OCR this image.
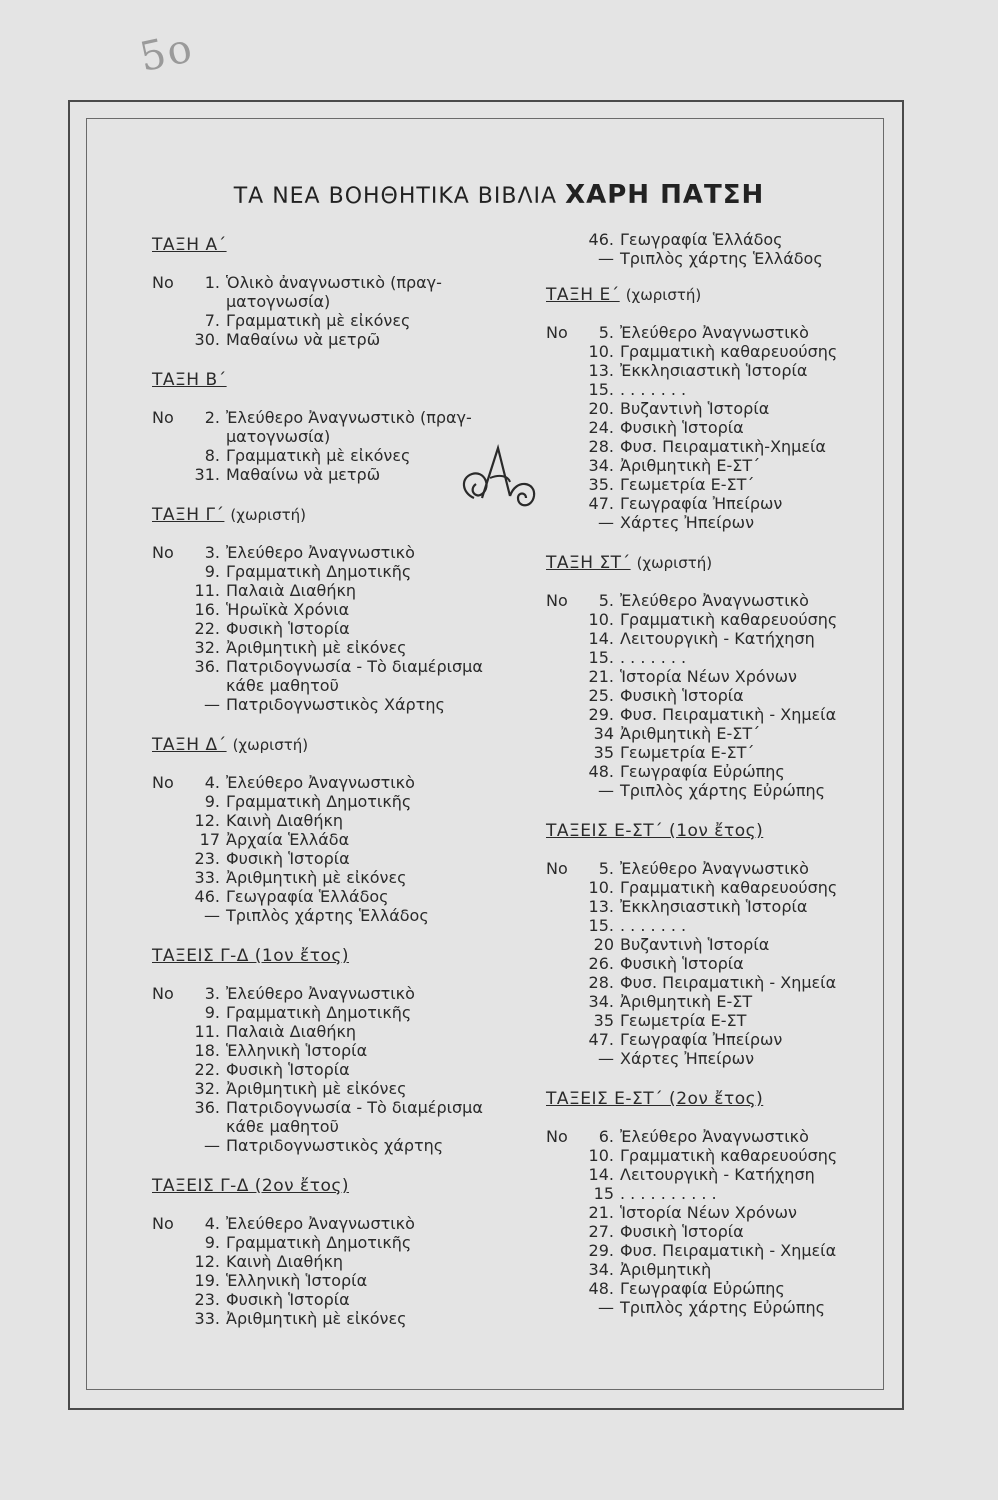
5ο
ΤΑ ΝΕΑ ΒΟΗΘΗΤΙΚΑ ΒΙΒΛΙΑ ΧΑΡΗ ΠΑΤΣΗ
ΤΑΞΗ Α΄
Νο	1. Ὁλικὸ ἀναγνωστικὸ (πραγ-
ματογνωσία)
7. Γραμματικὴ μὲ εἰκόνες
30. Μαθαίνω νὰ μετρῶ
ΤΑΞΗ Β΄
Νο	2. Ἐλεύθερο Ἀναγνωστικὸ (πραγ-
ματογνωσία)
8. Γραμματικὴ μὲ εἰκόνες
31. Μαθαίνω νὰ μετρῶ
ΤΑΞΗ Γ΄ (χωριστή)
Νο	3. Ἐλεύθερο Ἀναγνωστικὸ
9. Γραμματικὴ Δημοτικῆς
11. Παλαιὰ Διαθήκη
16. Ἡρωϊκὰ Χρόνια
22. Φυσικὴ Ἱστορία
32. Ἀριθμητικὴ μὲ εἰκόνες
36. Πατριδογνωσία - Τὸ διαμέρισμα
κάθε μαθητοῦ
— Πατριδογνωστικὸς Χάρτης
ΤΑΞΗ Δ΄ (χωριστή)
Νο	4. Ἐλεύθερο Ἀναγνωστικὸ
9. Γραμματικὴ Δημοτικῆς
12. Καινὴ Διαθήκη
17 Ἀρχαία Ἑλλάδα
23. Φυσικὴ Ἱστορία
33. Ἀριθμητικὴ μὲ εἰκόνες
46. Γεωγραφία Ἑλλάδος
— Τριπλὸς χάρτης Ἑλλάδος
ΤΑΞΕΙΣ Γ-Δ (1ον ἔτος)
Νο	3. Ἐλεύθερο Ἀναγνωστικὸ
9. Γραμματικὴ Δημοτικῆς
11. Παλαιὰ Διαθήκη
18. Ἑλληνικὴ Ἱστορία
22. Φυσικὴ Ἱστορία
32. Ἀριθμητικὴ μὲ εἰκόνες
36. Πατριδογνωσία - Τὸ διαμέρισμα
κάθε μαθητοῦ
— Πατριδογνωστικὸς χάρτης
ΤΑΞΕΙΣ Γ-Δ (2ον ἔτος)
Νο	4. Ἐλεύθερο Ἀναγνωστικὸ
9. Γραμματικὴ Δημοτικῆς
12. Καινὴ Διαθήκη
19. Ἑλληνικὴ Ἱστορία
23. Φυσικὴ Ἱστορία
33. Ἀριθμητικὴ μὲ εἰκόνες
46. Γεωγραφία Ἑλλάδος
— Τριπλὸς χάρτης Ἑλλάδος
ΤΑΞΗ Ε΄ (χωριστή)
Νο	5. Ἐλεύθερο Ἀναγνωστικὸ
10. Γραμματικὴ καθαρευούσης
13. Ἐκκλησιαστικὴ Ἱστορία
15. . . . . . . .
20. Βυζαντινὴ Ἱστορία
24. Φυσικὴ Ἱστορία
28. Φυσ. Πειραματικὴ-Χημεία
34. Ἀριθμητικὴ Ε-ΣΤ΄
35. Γεωμετρία Ε-ΣΤ΄
47. Γεωγραφία Ἠπείρων
— Χάρτες Ἠπείρων
ΤΑΞΗ ΣΤ΄ (χωριστή)
Νο	5. Ἐλεύθερο Ἀναγνωστικὸ
10. Γραμματικὴ καθαρευούσης
14. Λειτουργικὴ - Κατήχηση
15. . . . . . . .
21. Ἱστορία Νέων Χρόνων
25. Φυσικὴ Ἱστορία
29. Φυσ. Πειραματικὴ - Χημεία
34 Ἀριθμητικὴ Ε-ΣΤ΄
35 Γεωμετρία Ε-ΣΤ΄
48. Γεωγραφία Εὐρώπης
— Τριπλὸς χάρτης Εὐρώπης
ΤΑΞΕΙΣ Ε-ΣΤ΄ (1ον ἔτος)
Νο	5. Ἐλεύθερο Ἀναγνωστικὸ
10. Γραμματικὴ καθαρευούσης
13. Ἐκκλησιαστικὴ Ἱστορία
15. . . . . . . .
20 Βυζαντινὴ Ἱστορία
26. Φυσικὴ Ἱστορία
28. Φυσ. Πειραματικὴ - Χημεία
34. Ἀριθμητικὴ Ε-ΣΤ
35 Γεωμετρία Ε-ΣΤ
47. Γεωγραφία Ἠπείρων
— Χάρτες Ἠπείρων
ΤΑΞΕΙΣ Ε-ΣΤ΄ (2ον ἔτος)
Νο	6. Ἐλεύθερο Ἀναγνωστικὸ
10. Γραμματικὴ καθαρευούσης
14. Λειτουργικὴ - Κατήχηση
15 . . . . . . . . . .
21. Ἱστορία Νέων Χρόνων
27. Φυσικὴ Ἱστορία
29. Φυσ. Πειραματικὴ - Χημεία
34. Ἀριθμητικὴ
48. Γεωγραφία Εὐρώπης
— Τριπλὸς χάρτης Εὐρώπης
